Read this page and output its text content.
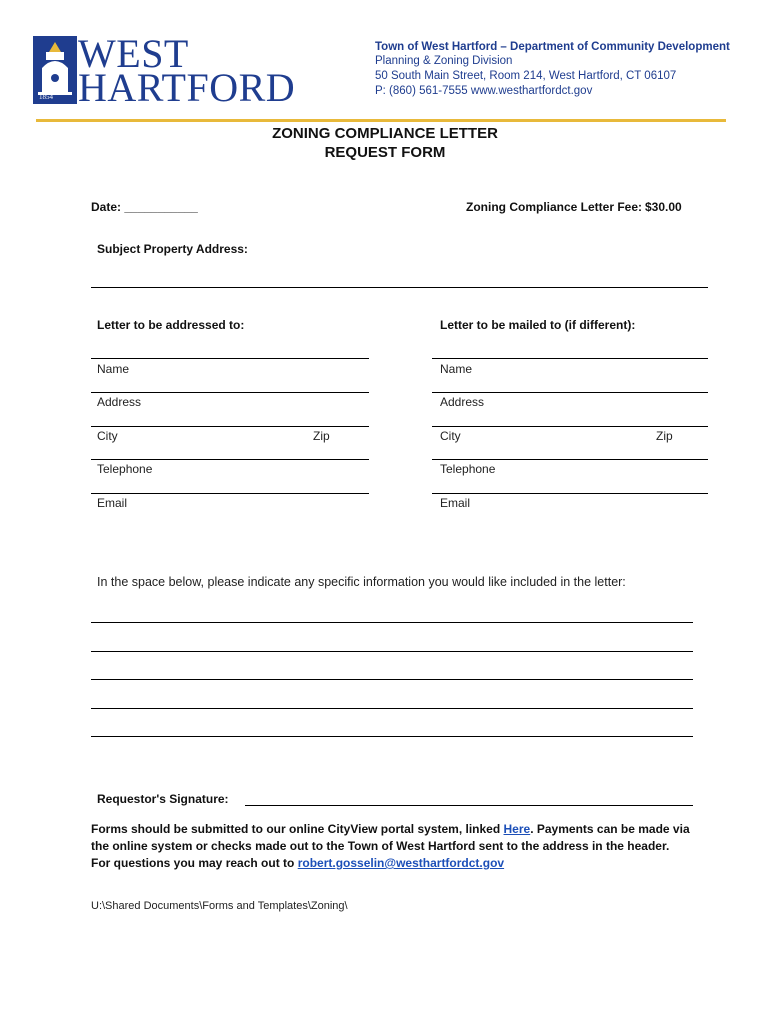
1854
WEST
HARTFORD
Town of West Hartford – Department of Community Development
Planning & Zoning Division
50 South Main Street, Room 214, West Hartford, CT 06107
P: (860) 561-7555 www.westhartfordct.gov
ZONING COMPLIANCE LETTER
REQUEST FORM
Date: ___________	Zoning Compliance Letter Fee: $30.00
Subject Property Address:
Letter to be addressed to:	Letter to be mailed to (if different):
Name
Address
City	Zip
Telephone
Email
Name
Address
City	Zip
Telephone
Email
In the space below, please indicate any specific information you would like included in the letter:
Requestor's Signature:
Forms should be submitted to our online CityView portal system, linked Here. Payments can be made via the online system or checks made out to the Town of West Hartford sent to the address in the header. For questions you may reach out to robert.gosselin@westhartfordct.gov
U:\Shared Documents\Forms and Templates\Zoning\
